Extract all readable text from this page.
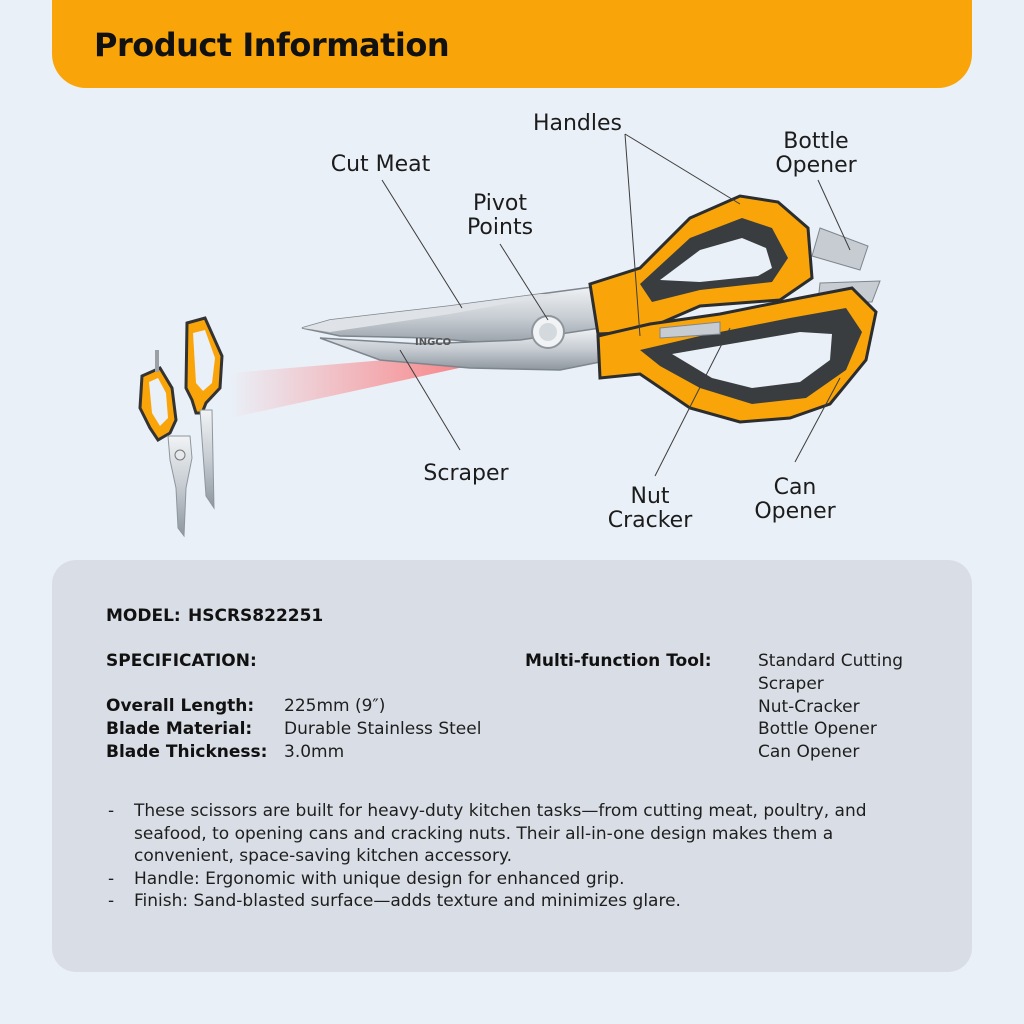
Product Information
INGCO
Handles
Bottle Opener
Cut Meat
Pivot Points
Scraper
Nut Cracker
Can Opener
MODEL: HSCRS822251
SPECIFICATION:
Overall Length: 225mm (9″)
Blade Material: Durable Stainless Steel
Blade Thickness: 3.0mm
Multi-function Tool:	Standard Cutting
Scraper
Nut-Cracker
Bottle Opener
Can Opener
- These scissors are built for heavy-duty kitchen tasks—from cutting meat, poultry, and seafood, to opening cans and cracking nuts. Their all-in-one design makes them a convenient, space-saving kitchen accessory.
- Handle: Ergonomic with unique design for enhanced grip.
- Finish: Sand-blasted surface—adds texture and minimizes glare.
